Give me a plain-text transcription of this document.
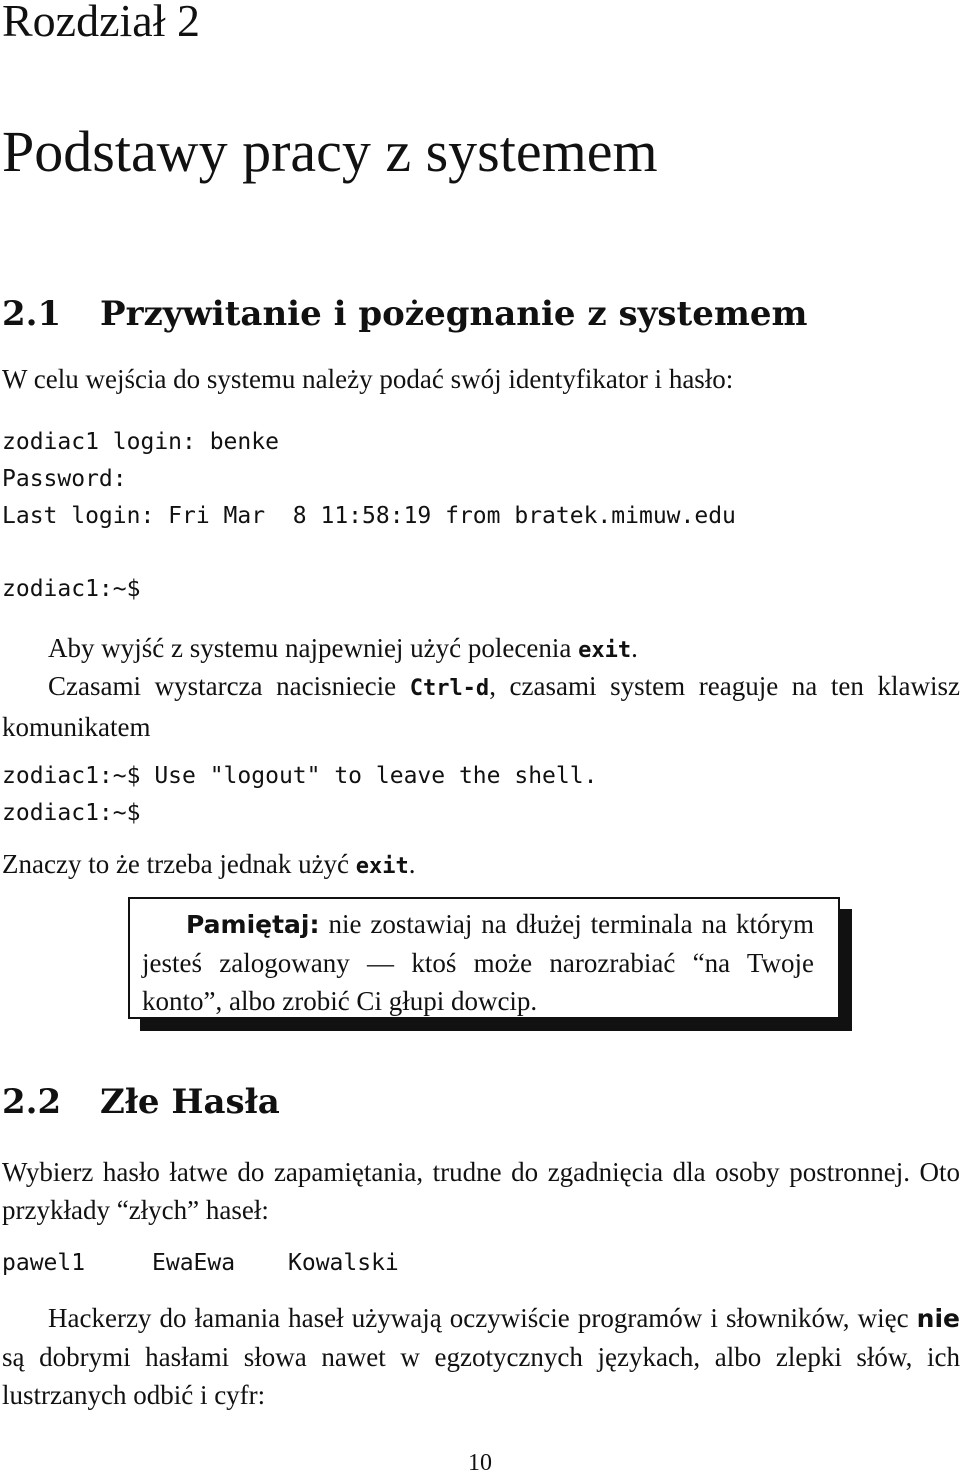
Rozdział 2
Podstawy pracy z systemem
2.1 Przywitanie i pożegnanie z systemem
W celu wejścia do systemu należy podać swój identyfikator i hasło:
zodiac1 login: benke
Password:
Last login: Fri Mar  8 11:58:19 from bratek.mimuw.edu
zodiac1:~$
Aby wyjść z systemu najpewniej użyć polecenia exit.
Czasami wystarcza nacisniecie Ctrl-d, czasami system reaguje na ten klawisz komunikatem
zodiac1:~$ Use "logout" to leave the shell.
zodiac1:~$
Znaczy to że trzeba jednak użyć exit.
Pamiętaj: nie zostawiaj na dłużej terminala na którym jesteś zalogowany — ktoś może narozrabiać “na Twoje konto”, albo zrobić Ci głupi dowcip.
2.2 Złe Hasła
Wybierz hasło łatwe do zapamiętania, trudne do zgadnięcia dla osoby postronnej. Oto przykłady “złych” haseł:
pawel1	EwaEwa Kowalski
Hackerzy do łamania haseł używają oczywiście programów i słowników, więc nie są dobrymi hasłami słowa nawet w egzotycznych językach, albo zlepki słów, ich lustrzanych odbić i cyfr:
10
